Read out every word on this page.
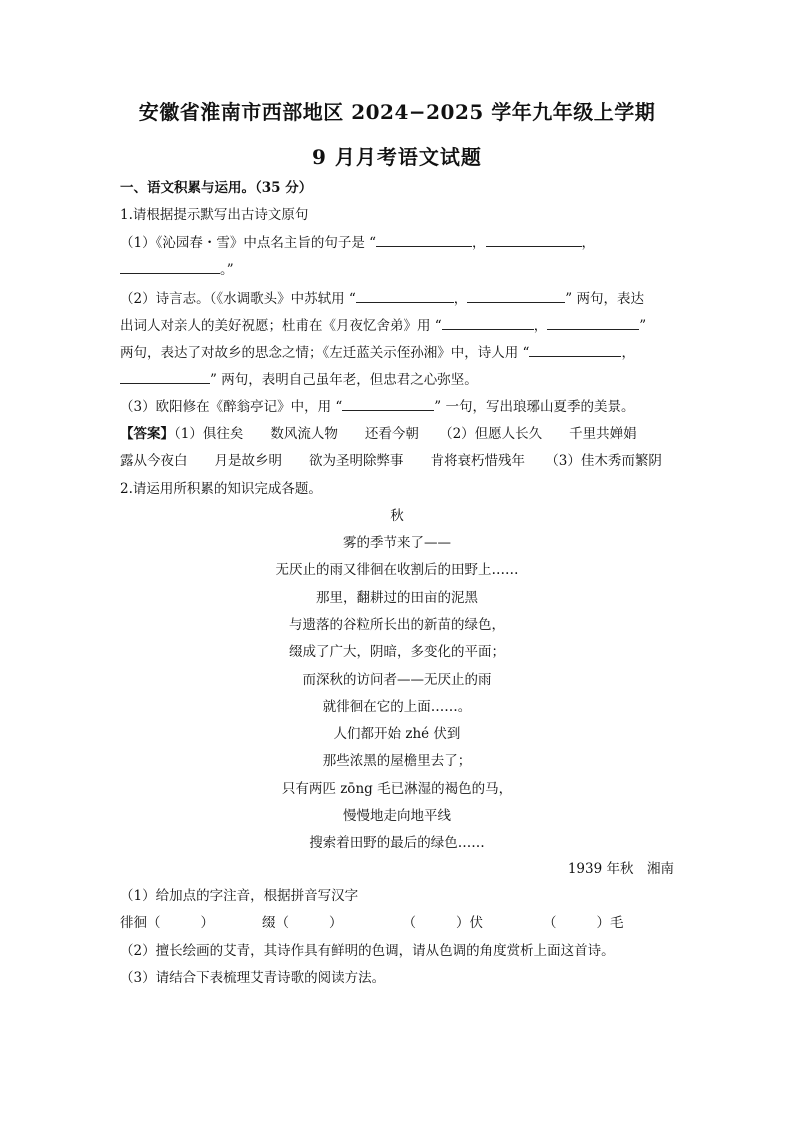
安徽省淮南市西部地区 2024−2025 学年九年级上学期
9 月月考语文试题
一、语文积累与运用。（35 分）
1.请根据提示默写出古诗文原句
（1）《沁园春・雪》中点名主旨的句子是 “	，	，
。”
（2）诗言志。（《水调歌头》中苏轼用 “	，	” 两句，表达
出词人对亲人的美好祝愿；杜甫在《月夜忆舍弟》用 “	，	”
两句，表达了对故乡的思念之情；《左迁蓝关示侄孙湘》中，诗人用 “	，
” 两句，表明自己虽年老，但忠君之心弥坚。
（3）欧阳修在《醉翁亭记》中，用 “	” 一句，写出琅琊山夏季的美景。
【答案】（1）俱往矣　　数风流人物　　还看今朝　　（2）但愿人长久　　千里共婵娟
露从今夜白　　月是故乡明　　欲为圣明除弊事　　肯将衰朽惜残年　　（3）佳木秀而繁阴
2.请运用所积累的知识完成各题。
秋
雾的季节来了——
无厌止的雨又徘徊在收割后的田野上……
那里，翻耕过的田亩的泥黑
与遗落的谷粒所长出的新苗的绿色，
缀成了广大，阴暗，多变化的平面；
而深秋的访问者——无厌止的雨
就徘徊在它的上面……。
人们都开始 zhé 伏到
那些浓黑的屋檐里去了；
只有两匹 zōng 毛已淋湿的褐色的马，
慢慢地走向地平线
搜索着田野的最后的绿色……
1939 年秋　湘南
（1）给加点的字注音，根据拼音写汉字
徘徊（	）	缀（	）	（	）伏	（	）毛
（2）擅长绘画的艾青，其诗作具有鲜明的色调，请从色调的角度赏析上面这首诗。
（3）请结合下表梳理艾青诗歌的阅读方法。
